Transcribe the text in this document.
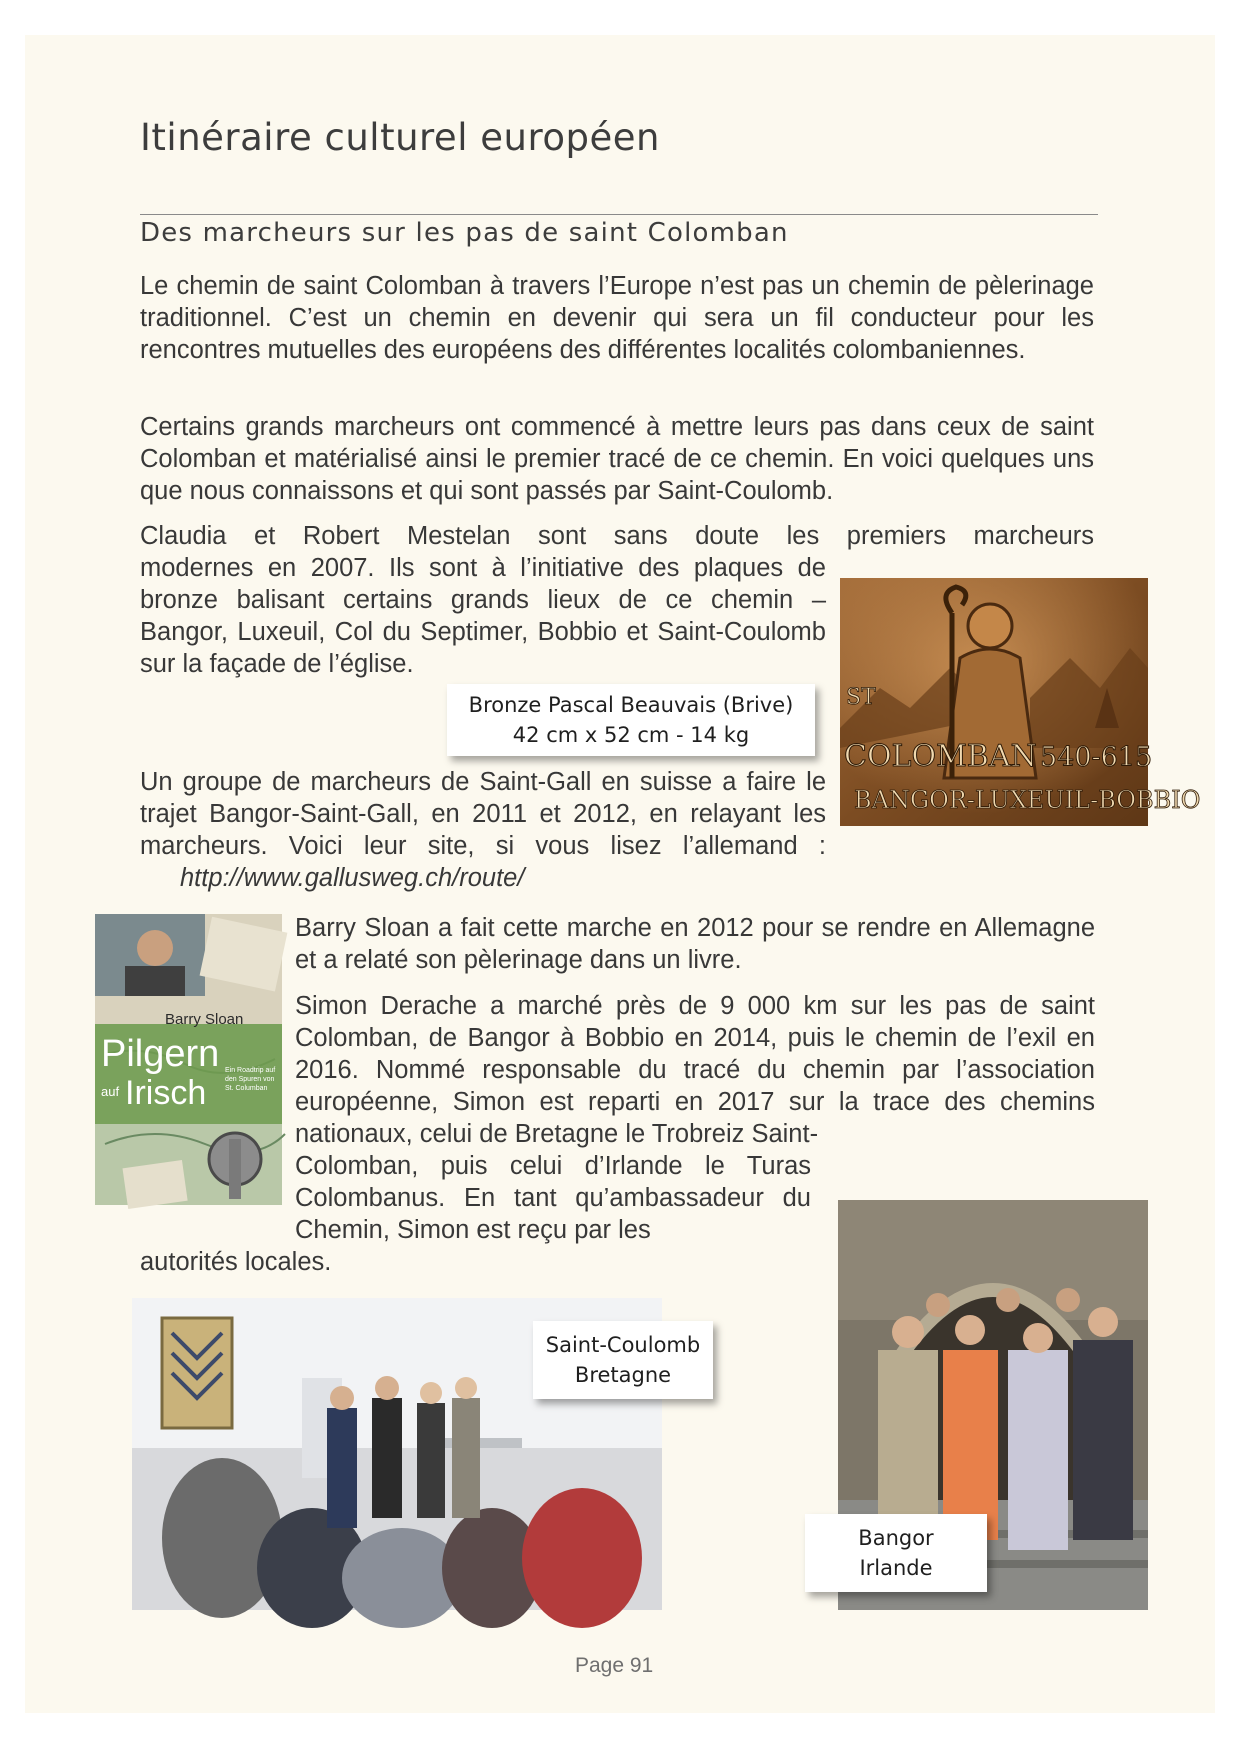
Itinéraire culturel européen
Des marcheurs sur les pas de saint Colomban

Le chemin de saint Colomban à travers l’Europe n’est pas un chemin de pèlerinage traditionnel. C’est un chemin en devenir qui sera un fil conducteur pour les rencontres mutuelles des européens des différentes localités colombaniennes.

Certains grands marcheurs ont commencé à mettre leurs pas dans ceux de saint Colomban et matérialisé ainsi le premier tracé de ce chemin. En voici quelques uns que nous connaissons et qui sont passés par Saint-Coulomb.

Claudia et Robert Mestelan sont sans doute les premiers marcheurs

modernes en 2007. Ils sont à l’initiative des plaques de bronze balisant certains grands lieux de ce chemin – Bangor, Luxeuil, Col du Septimer, Bobbio et Saint-Coulomb sur la façade de l’église.

ST
COLOMBAN 540-615
BANGOR-LUXEUIL-BOBBIO
Bronze Pascal Beauvais (Brive)
42 cm x 52 cm - 14 kg

Un groupe de marcheurs de Saint-Gall en suisse a faire le trajet Bangor-Saint-Gall, en 2011 et 2012, en relayant les marcheurs. Voici leur site, si vous lisez l’allemand : http://www.gallusweg.ch/route/

Barry Sloan
Pilgern
auf Irisch
Ein Roadtrip auf den Spuren von St. Columban

Barry Sloan a fait cette marche en 2012 pour se rendre en Allemagne et a relaté son pèlerinage dans un livre.

Simon Derache a marché près de 9 000 km sur les pas de saint Colomban, de Bangor à Bobbio en 2014, puis le chemin de l’exil en 2016. Nommé responsable du tracé du chemin par l’association européenne, Simon est reparti en 2017 sur la trace des chemins nationaux, celui de Bretagne le Trobreiz Saint-

Colomban, puis celui d’Irlande le Turas Colombanus. En tant qu’ambassadeur du Chemin, Simon est reçu par les

autorités locales.

Saint-Coulomb
Bretagne
Bangor
Irlande
Page 91
